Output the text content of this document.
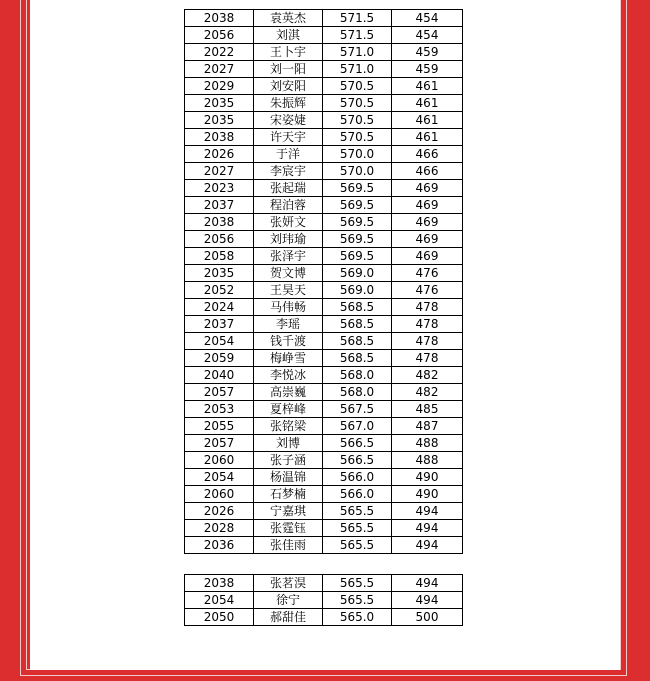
2038	袁英杰	571.5	454
2056	刘淇	571.5	454
2022	王卜宇	571.0	459
2027	刘一阳	571.0	459
2029	刘安阳	570.5	461
2035	朱振辉	570.5	461
2035	宋姿婕	570.5	461
2038	许天宇	570.5	461
2026	于洋	570.0	466
2027	李宸宇	570.0	466
2023	张起瑞	569.5	469
2037	程泊蓉	569.5	469
2038	张妍文	569.5	469
2056	刘玮瑜	569.5	469
2058	张泽宇	569.5	469
2035	贺文博	569.0	476
2052	王昊天	569.0	476
2024	马伟畅	568.5	478
2037	李瑶	568.5	478
2054	钱千渡	568.5	478
2059	梅峥雪	568.5	478
2040	李悦冰	568.0	482
2057	高崇巍	568.0	482
2053	夏梓峰	567.5	485
2055	张铭梁	567.0	487
2057	刘博	566.5	488
2060	张子涵	566.5	488
2054	杨温锦	566.0	490
2060	石梦楠	566.0	490
2026	宁嘉琪	565.5	494
2028	张霆钰	565.5	494
2036	张佳雨	565.5	494
2038	张茗淏	565.5	494
2054	徐宁	565.5	494
2050	郝甜佳	565.0	500
